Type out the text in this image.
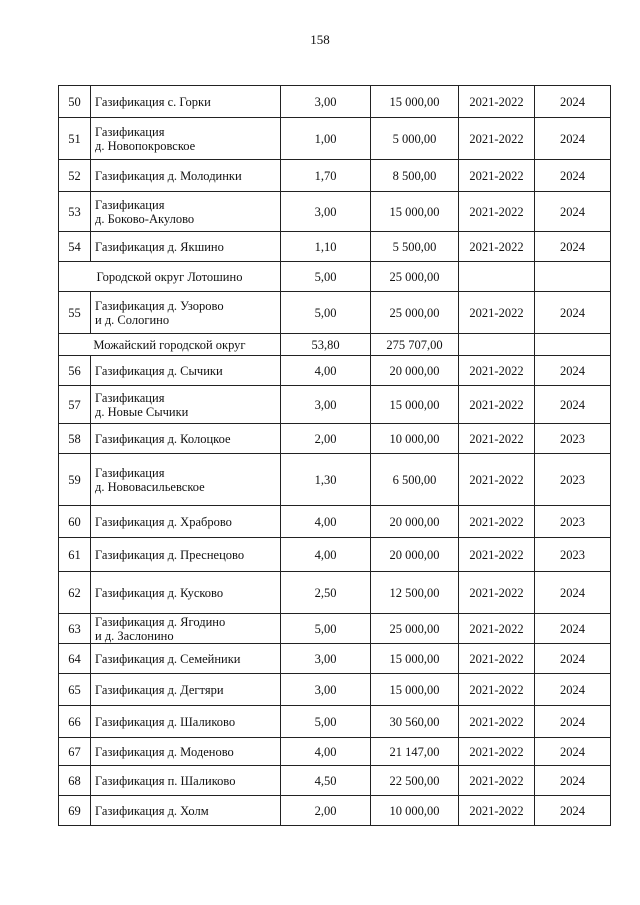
158
50	Газификация с. Горки	3,00	15 000,00	2021-2022	2024
51	Газификация
д. Новопокровское	1,00	5 000,00	2021-2022	2024
52	Газификация д. Молодинки	1,70	8 500,00	2021-2022	2024
53	Газификация
д. Боково-Акулово	3,00	15 000,00	2021-2022	2024
54	Газификация д. Якшино	1,10	5 500,00	2021-2022	2024
Городской округ Лотошино		5,00	25 000,00		
55	Газификация д. Узорово
и д. Сологино	5,00	25 000,00	2021-2022	2024
Можайский городской округ		53,80	275 707,00		
56	Газификация д. Сычики	4,00	20 000,00	2021-2022	2024
57	Газификация
д. Новые Сычики	3,00	15 000,00	2021-2022	2024
58	Газификация д. Колоцкое	2,00	10 000,00	2021-2022	2023
59	Газификация
д. Нововасильевское	1,30	6 500,00	2021-2022	2023
60	Газификация д. Храброво	4,00	20 000,00	2021-2022	2023
61	Газификация д. Преснецово	4,00	20 000,00	2021-2022	2023
62	Газификация д. Кусково	2,50	12 500,00	2021-2022	2024
63	Газификация д. Ягодино
и д. Заслонино	5,00	25 000,00	2021-2022	2024
64	Газификация д. Семейники	3,00	15 000,00	2021-2022	2024
65	Газификация д. Дегтяри	3,00	15 000,00	2021-2022	2024
66	Газификация д. Шаликово	5,00	30 560,00	2021-2022	2024
67	Газификация д. Моденово	4,00	21 147,00	2021-2022	2024
68	Газификация п. Шаликово	4,50	22 500,00	2021-2022	2024
69	Газификация д. Холм	2,00	10 000,00	2021-2022	2024
